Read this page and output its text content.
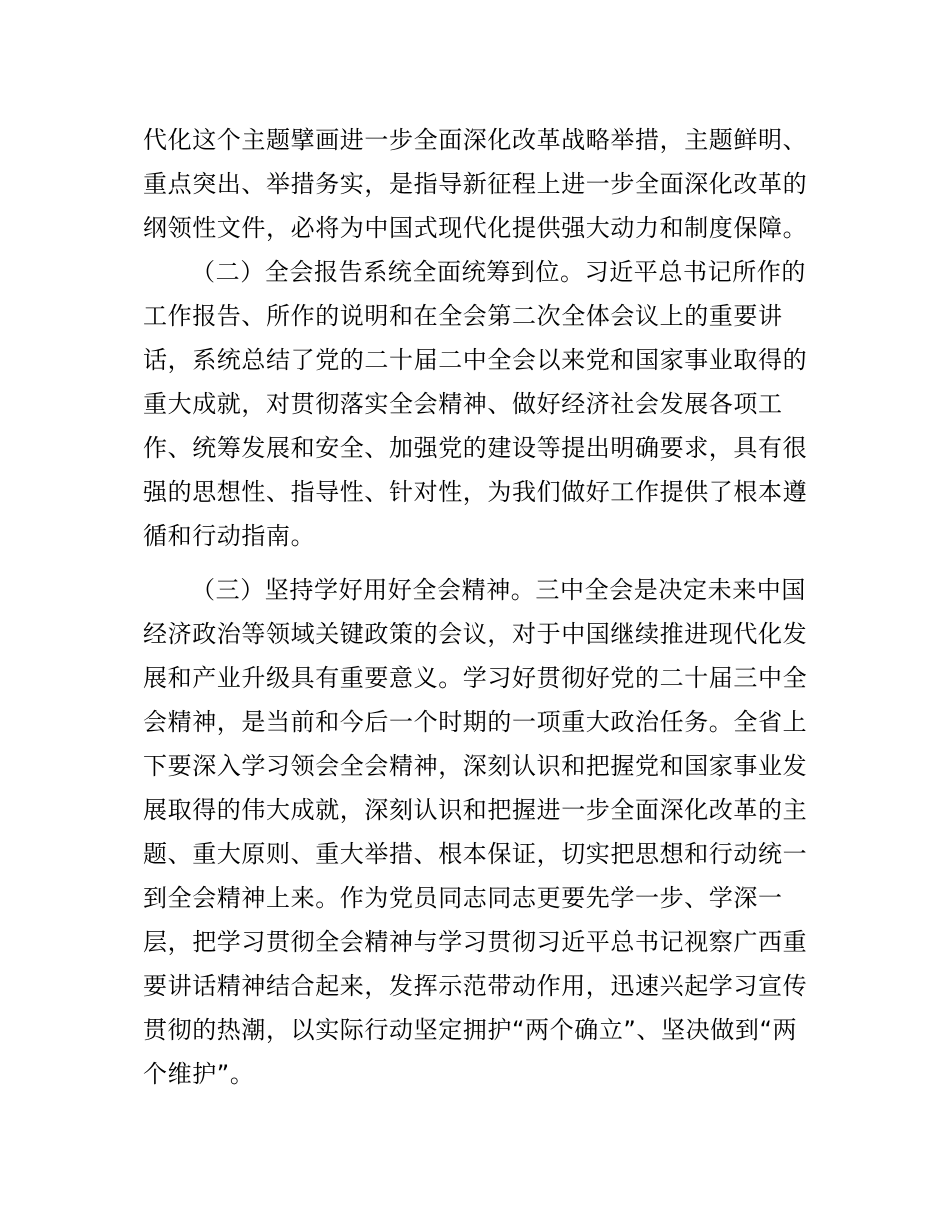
代化这个主题擘画进一步全面深化改革战略举措，主题鲜明、
重点突出、举措务实，是指导新征程上进一步全面深化改革的
纲领性文件，必将为中国式现代化提供强大动力和制度保障。
（二）全会报告系统全面统筹到位。习近平总书记所作的
工作报告、所作的说明和在全会第二次全体会议上的重要讲
话，系统总结了党的二十届二中全会以来党和国家事业取得的
重大成就，对贯彻落实全会精神、做好经济社会发展各项工
作、统筹发展和安全、加强党的建设等提出明确要求，具有很
强的思想性、指导性、针对性，为我们做好工作提供了根本遵
循和行动指南。
（三）坚持学好用好全会精神。三中全会是决定未来中国
经济政治等领域关键政策的会议，对于中国继续推进现代化发
展和产业升级具有重要意义。学习好贯彻好党的二十届三中全
会精神，是当前和今后一个时期的一项重大政治任务。全省上
下要深入学习领会全会精神，深刻认识和把握党和国家事业发
展取得的伟大成就，深刻认识和把握进一步全面深化改革的主
题、重大原则、重大举措、根本保证，切实把思想和行动统一
到全会精神上来。作为党员同志同志更要先学一步、学深一
层，把学习贯彻全会精神与学习贯彻习近平总书记视察广西重
要讲话精神结合起来，发挥示范带动作用，迅速兴起学习宣传
贯彻的热潮，以实际行动坚定拥护“两个确立”、坚决做到“两
个维护”。
